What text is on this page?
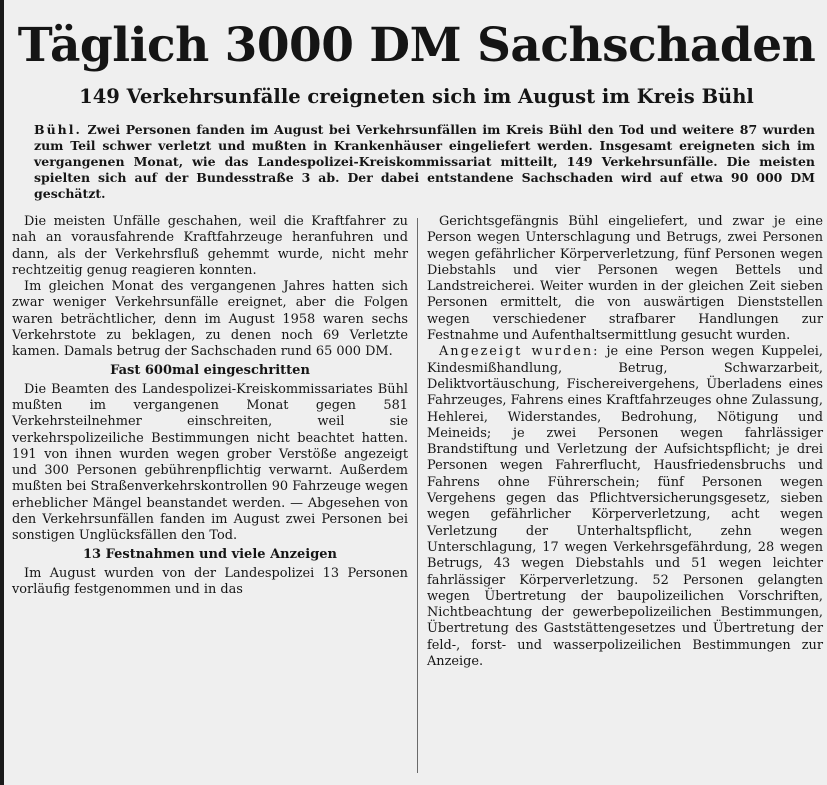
Täglich 3000 DM Sachschaden
149 Verkehrsunfälle creigneten sich im August im Kreis Bühl

Bühl. Zwei Personen fanden im August bei Verkehrsunfällen im Kreis Bühl den Tod und weitere 87 wurden zum Teil schwer verletzt und mußten in Krankenhäuser eingeliefert werden. Insgesamt ereigneten sich im vergangenen Monat, wie das Landespolizei-Kreiskommissariat mitteilt, 149 Verkehrsunfälle. Die meisten spielten sich auf der Bundesstraße 3 ab. Der dabei entstandene Sachschaden wird auf etwa 90 000 DM geschätzt.

Die meisten Unfälle geschahen, weil die Kraftfahrer zu nah an vorausfahrende Kraftfahrzeuge heranfuhren und dann, als der Verkehrsfluß gehemmt wurde, nicht mehr rechtzeitig genug reagieren konnten.

Im gleichen Monat des vergangenen Jahres hatten sich zwar weniger Verkehrsunfälle ereignet, aber die Folgen waren beträchtlicher, denn im August 1958 waren sechs Verkehrstote zu beklagen, zu denen noch 69 Verletzte kamen. Damals betrug der Sachschaden rund 65 000 DM.

Fast 600mal eingeschritten

Die Beamten des Landespolizei-Kreiskommissariates Bühl mußten im vergangenen Monat gegen 581 Verkehrsteilnehmer einschreiten, weil sie verkehrspolizeiliche Bestimmungen nicht beachtet hatten. 191 von ihnen wurden wegen grober Verstöße angezeigt und 300 Personen gebührenpflichtig verwarnt. Außerdem mußten bei Straßenverkehrskontrollen 90 Fahrzeuge wegen erheblicher Mängel beanstandet werden. — Abgesehen von den Verkehrsunfällen fanden im August zwei Personen bei sonstigen Unglücksfällen den Tod.

13 Festnahmen und viele Anzeigen

Im August wurden von der Landespolizei 13 Personen vorläufig festgenommen und in das

Gerichtsgefängnis Bühl eingeliefert, und zwar je eine Person wegen Unterschlagung und Betrugs, zwei Personen wegen gefährlicher Körperverletzung, fünf Personen wegen Diebstahls und vier Personen wegen Bettels und Landstreicherei. Weiter wurden in der gleichen Zeit sieben Personen ermittelt, die von auswärtigen Dienststellen wegen verschiedener strafbarer Handlungen zur Festnahme und Aufenthaltsermittlung gesucht wurden.

Angezeigt wurden: je eine Person wegen Kuppelei, Kindesmißhandlung, Betrug, Schwarzarbeit, Deliktvortäuschung, Fischereivergehens, Überladens eines Fahrzeuges, Fahrens eines Kraftfahrzeuges ohne Zulassung, Hehlerei, Widerstandes, Bedrohung, Nötigung und Meineids; je zwei Personen wegen fahrlässiger Brandstiftung und Verletzung der Aufsichtspflicht; je drei Personen wegen Fahrerflucht, Hausfriedensbruchs und Fahrens ohne Führerschein; fünf Personen wegen Vergehens gegen das Pflichtversicherungsgesetz, sieben wegen gefährlicher Körperverletzung, acht wegen Verletzung der Unterhaltspflicht, zehn wegen Unterschlagung, 17 wegen Verkehrsgefährdung, 28 wegen Betrugs, 43 wegen Diebstahls und 51 wegen leichter fahrlässiger Körperverletzung. 52 Personen gelangten wegen Übertretung der baupolizeilichen Vorschriften, Nichtbeachtung der gewerbepolizeilichen Bestimmungen, Übertretung des Gaststättengesetzes und Übertretung der feld-, forst- und wasserpolizeilichen Bestimmungen zur Anzeige.
